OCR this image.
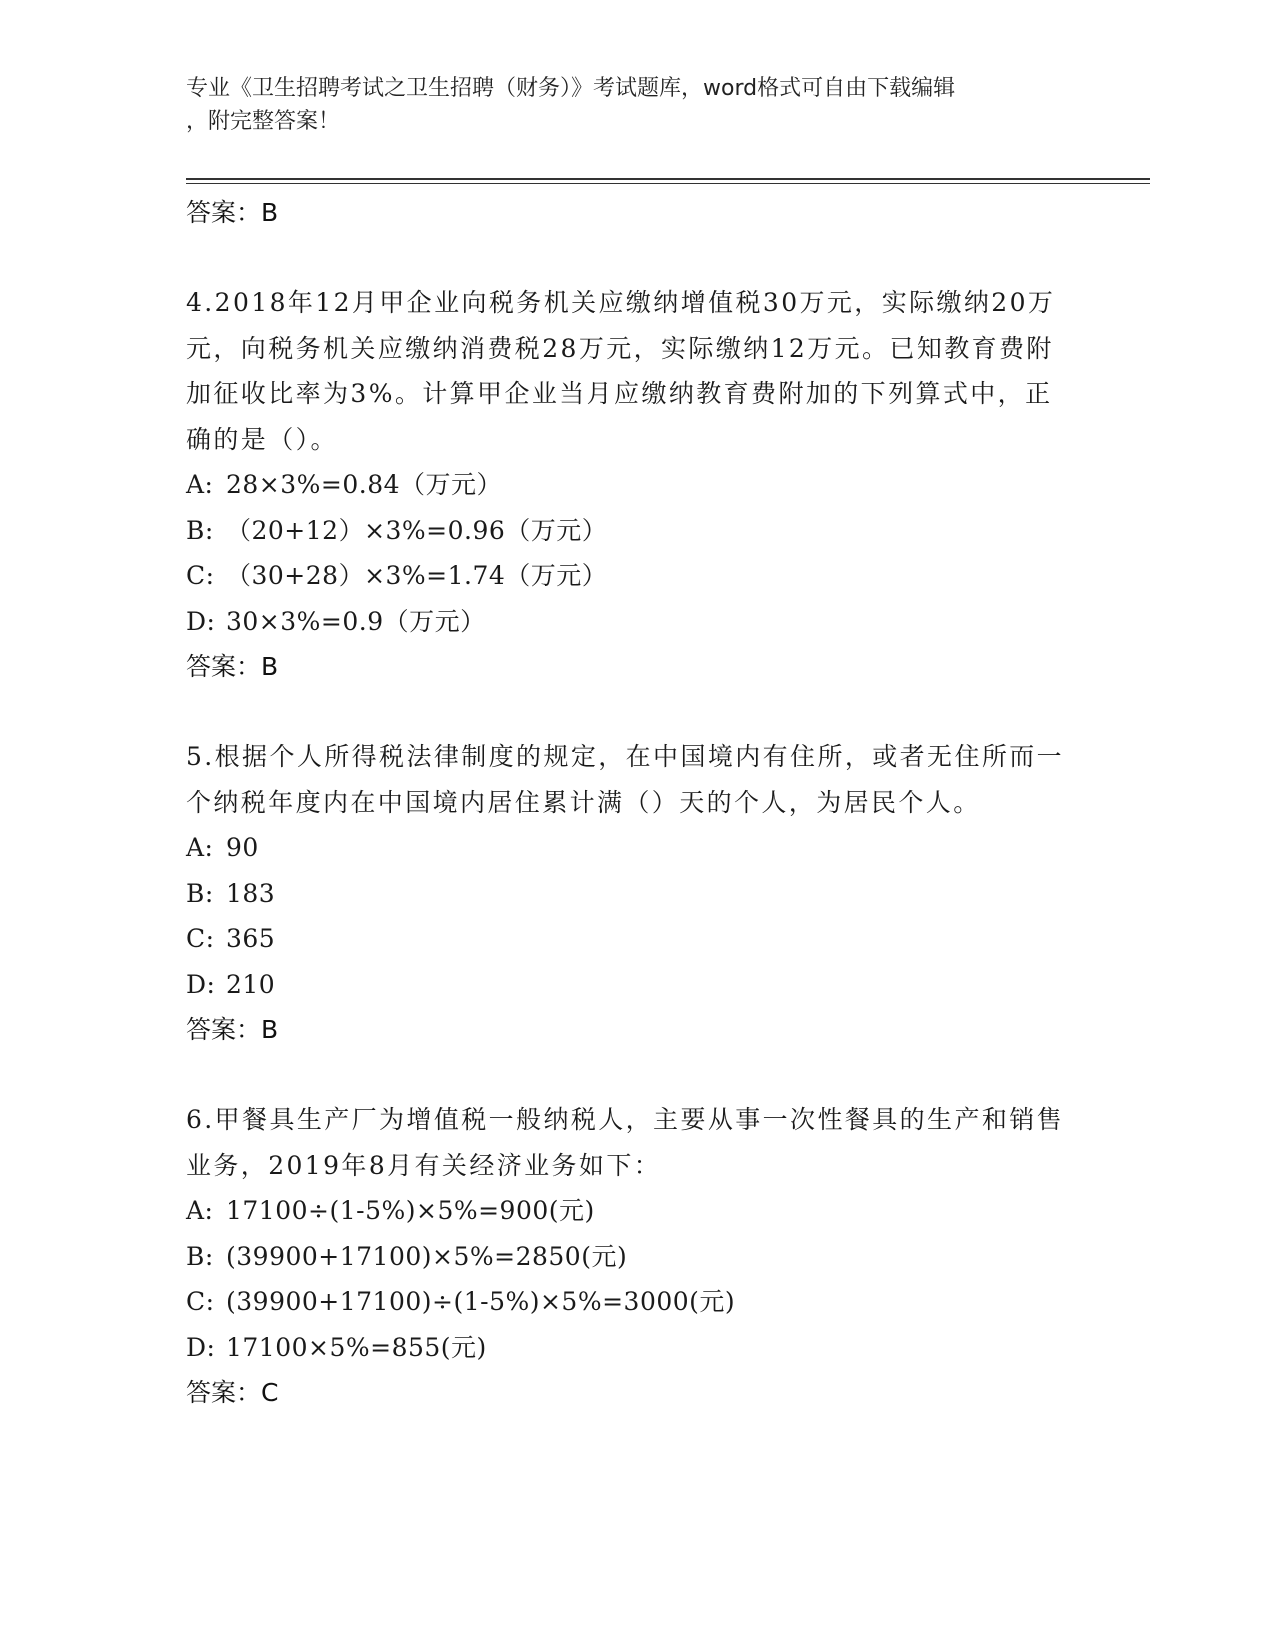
专业《卫生招聘考试之卫生招聘（财务）》考试题库，word格式可自由下载编辑
，附完整答案！
答案：B
4.2018年12月甲企业向税务机关应缴纳增值税30万元，实际缴纳20万元，向税务机关应缴纳消费税28万元，实际缴纳12万元。已知教育费附加征收比率为3%。计算甲企业当月应缴纳教育费附加的下列算式中，正确的是（）。
A: 28×3%=0.84（万元）
B: （20+12）×3%=0.96（万元）
C: （30+28）×3%=1.74（万元）
D: 30×3%=0.9（万元）
答案：B
5.根据个人所得税法律制度的规定，在中国境内有住所，或者无住所而一个纳税年度内在中国境内居住累计满（）天的个人，为居民个人。
A: 90
B: 183
C: 365
D: 210
答案：B
6.甲餐具生产厂为增值税一般纳税人，主要从事一次性餐具的生产和销售业务，2019年8月有关经济业务如下：
A: 17100÷(1-5%)×5%=900(元)
B: (39900+17100)×5%=2850(元)
C: (39900+17100)÷(1-5%)×5%=3000(元)
D: 17100×5%=855(元)
答案：C
